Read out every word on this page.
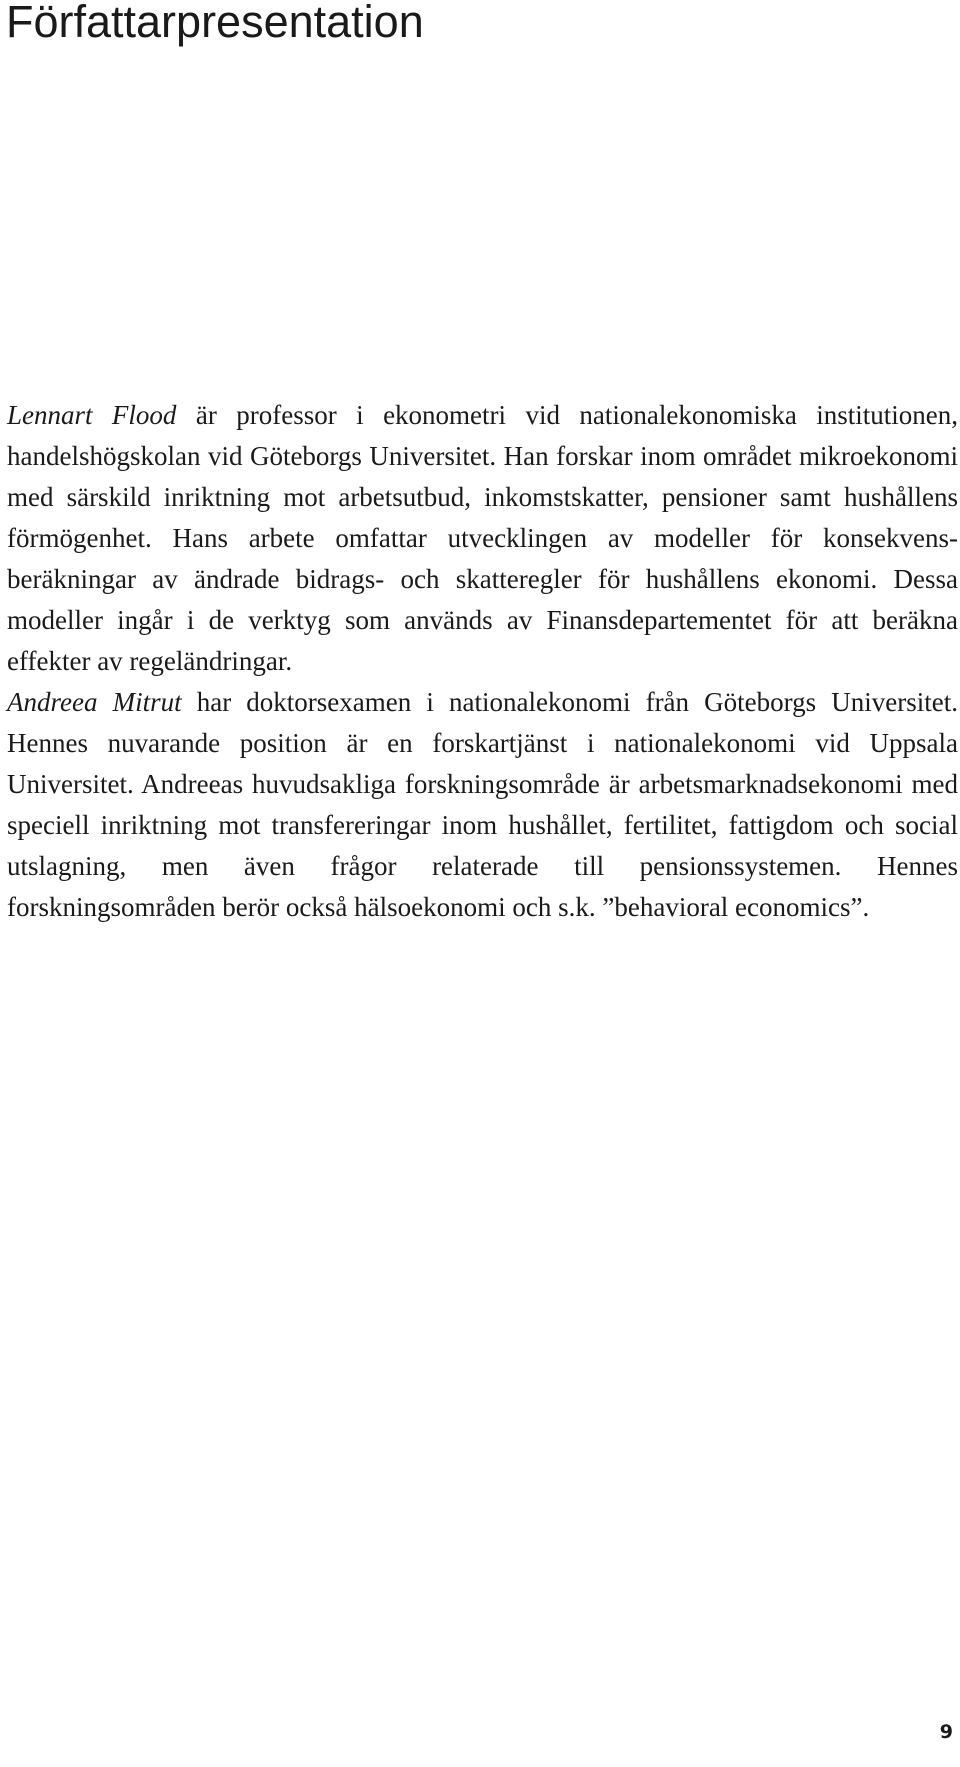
Författarpresentation

Lennart Flood är professor i ekonometri vid nationalekonomiska institutionen, handelshögskolan vid Göteborgs Universitet. Han forskar inom området mikroekonomi med särskild inriktning mot arbetsutbud, inkomstskatter, pensioner samt hushållens förmögenhet. Hans arbete omfattar utvecklingen av modeller för konsekvensberäkningar av ändrade bidrags- och skatteregler för hushållens ekonomi. Dessa modeller ingår i de verktyg som används av Finansdepartementet för att beräkna effekter av regeländringar.

Andreea Mitrut har doktorsexamen i nationalekonomi från Göteborgs Universitet. Hennes nuvarande position är en forskartjänst i nationalekonomi vid Uppsala Universitet. Andreeas huvudsakliga forskningsområde är arbetsmarknadsekonomi med speciell inriktning mot transfereringar inom hushållet, fertilitet, fattigdom och social utslagning, men även frågor relaterade till pensionssystemen. Hennes forskningsområden berör också hälsoekonomi och s.k. ”behavioral economics”.

9
